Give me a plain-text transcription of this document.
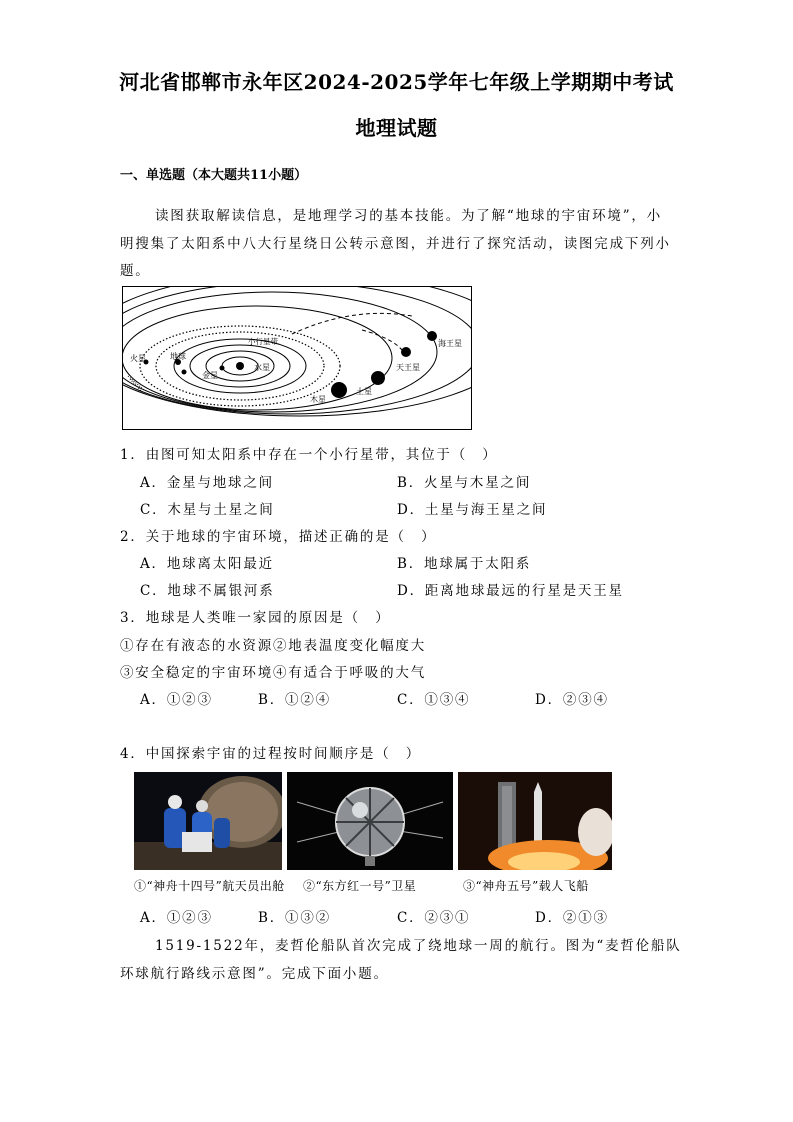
河北省邯郸市永年区2024-2025学年七年级上学期期中考试
地理试题
一、单选题（本大题共11小题）
读图获取解读信息，是地理学习的基本技能。为了解“地球的宇宙环境”，小
明搜集了太阳系中八大行星绕日公转示意图，并进行了探究活动，读图完成下列小
题。
水星
金星
地球
火星
小行星带
木星
土星
天王星
海王星
1．由图可知太阳系中存在一个小行星带，其位于（　）
A．金星与地球之间	B．火星与木星之间
C．木星与土星之间	D．土星与海王星之间
2．关于地球的宇宙环境，描述正确的是（　）
A．地球离太阳最近	B．地球属于太阳系
C．地球不属银河系	D．距离地球最远的行星是天王星
3．地球是人类唯一家园的原因是（　）
①存在有液态的水资源②地表温度变化幅度大
③安全稳定的宇宙环境④有适合于呼吸的大气
A．①②③	B．①②④	C．①③④	D．②③④
4．中国探索宇宙的过程按时间顺序是（　）
①“神舟十四号”航天员出舱 ②“东方红一号”卫星	③“神舟五号”载人飞船
A．①②③	B．①③②	C．②③①	D．②①③
1519-1522年，麦哲伦船队首次完成了绕地球一周的航行。图为“麦哲伦船队
环球航行路线示意图”。完成下面小题。
